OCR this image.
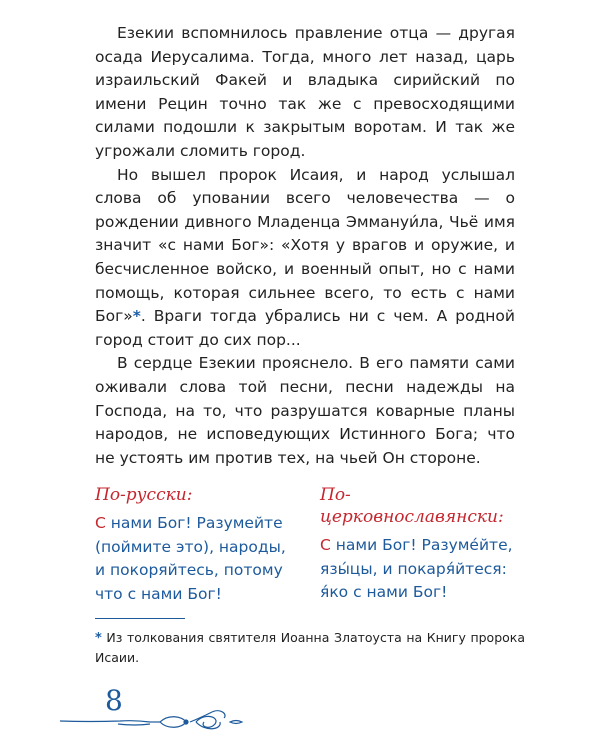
Езекии вспомнилось правление отца — другая осада Иерусалима. Тогда, много лет назад, царь израильский Факей и владыка сирийский по имени Рецин точно так же с превосходящими силами подошли к закрытым воротам. И так же угрожали сломить город.

Но вышел пророк Исаия, и народ услышал слова об уповании всего человечества — о рождении дивного Младенца Эммануи́ла, Чьё имя значит «с нами Бог»: «Хотя у врагов и оружие, и бесчисленное войско, и военный опыт, но с нами помощь, которая сильнее всего, то есть с нами Бог»*. Враги тогда убрались ни с чем. А родной город стоит до сих пор...

В сердце Езекии прояснело. В его памяти сами оживали слова той песни, песни надежды на Господа, на то, что разрушатся коварные планы народов, не исповедующих Истинного Бога; что не устоять им против тех, на чьей Он стороне.

По-русски:

С нами Бог! Разумейте (поймите это), народы, и покоряйтесь, потому что с нами Бог!

По-церковнославянски:

С нами Бог! Разуме́йте, язы́цы, и покаря́йтеся: я́ко с нами Бог!

* Из толкования святителя Иоанна Златоуста на Книгу пророка Исаии.

8
